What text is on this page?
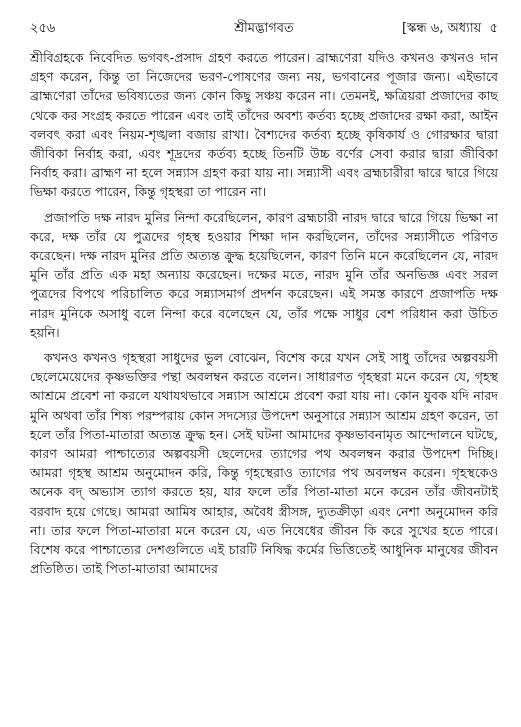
২৫৬	শ্রীমদ্ভাগবত	[স্কন্ধ ৬, অধ্যায়  ৫

শ্রীবিগ্রহকে নিবেদিত ভগবৎ-প্রসাদ গ্রহণ করতে পারেন। ব্রাহ্মণেরা যদিও কখনও কখনও দান গ্রহণ করেন, কিন্তু তা নিজেদের ভরণ-পোষণের জন্য নয়, ভগবানের পূজার জন্য। এইভাবে ব্রাহ্মণেরা তাঁদের ভবিষ্যতের জন্য কোন কিছু সঞ্চয় করেন না। তেমনই, ক্ষত্রিয়রা প্রজাদের কাছ থেকে কর সংগ্রহ করতে পারেন এবং তাই তাঁদের অবশ্য কর্তব্য হচ্ছে প্রজাদের রক্ষা করা, আইন বলবৎ করা এবং নিয়ম-শৃঙ্খলা বজায় রাখা। বৈশ্যদের কর্তব্য হচ্ছে কৃষিকার্য ও গোরক্ষার দ্বারা জীবিকা নির্বাহ করা, এবং শূদ্রদের কর্তব্য হচ্ছে তিনটি উচ্চ বর্ণের সেবা করার দ্বারা জীবিকা নির্বাহ করা। ব্রাহ্মণ না হলে সন্ন্যাস গ্রহণ করা যায় না। সন্ন্যাসী এবং ব্রহ্মচারীরা দ্বারে দ্বারে গিয়ে ভিক্ষা করতে পারেন, কিন্তু গৃহস্থরা তা পারেন না।

প্রজাপতি দক্ষ নারদ মুনির নিন্দা করেছিলেন, কারণ ব্রহ্মচারী নারদ দ্বারে দ্বারে গিয়ে ভিক্ষা না করে, দক্ষ তাঁর যে পুত্রদের গৃহস্থ হওয়ার শিক্ষা দান করছিলেন, তাঁদের সন্ন্যাসীতে পরিণত করেছেন। দক্ষ নারদ মুনির প্রতি অত্যন্ত ক্রুদ্ধ হয়েছিলেন, কারণ তিনি মনে করেছিলেন যে, নারদ মুনি তাঁর প্রতি এক মহা অন্যায় করেছেন। দক্ষের মতে, নারদ মুনি তাঁর অনভিজ্ঞ এবং সরল পুত্রদের বিপথে পরিচালিত করে সন্ন্যাসমার্গ প্রদর্শন করেছেন। এই সমস্ত কারণে প্রজাপতি দক্ষ নারদ মুনিকে অসাধু বলে নিন্দা করে বলেছেন যে, তাঁর পক্ষে সাধুর বেশ পরিধান করা উচিত হয়নি।

কখনও কখনও গৃহস্থরা সাধুদের ভুল বোঝেন, বিশেষ করে যখন সেই সাধু তাঁদের অল্পবয়সী ছেলেমেয়েদের কৃষ্ণভক্তির পন্থা অবলম্বন করতে বলেন। সাধারণত গৃহস্থরা মনে করেন যে, গৃহস্থ আশ্রমে প্রবেশ না করলে যথাযথভাবে সন্ন্যাস আশ্রমে প্রবেশ করা যায় না। কোন যুবক যদি নারদ মুনি অথবা তাঁর শিষ্য পরম্পরায় কোন সদস্যের উপদেশ অনুসারে সন্ন্যাস আশ্রম গ্রহণ করেন, তা হলে তাঁর পিতা-মাতারা অত্যন্ত ক্রুদ্ধ হন। সেই ঘটনা আমাদের কৃষ্ণভাবনামৃত আন্দোলনে ঘটছে, কারণ আমরা পাশ্চাত্যের অল্পবয়সী ছেলেদের ত্যাগের পথ অবলম্বন করার উপদেশ দিচ্ছি। আমরা গৃহস্থ আশ্রম অনুমোদন করি, কিন্তু গৃহস্থেরাও ত্যাগের পথ অবলম্বন করেন। গৃহস্থকেও অনেক বদ্‌ অভ্যাস ত্যাগ করতে হয়, যার ফলে তাঁর পিতা-মাতা মনে করেন তাঁর জীবনটাই বরবাদ হয়ে গেছে। আমরা আমিষ আহার, অবৈধ স্ত্রীসঙ্গ, দ্যুতক্রীড়া এবং নেশা অনুমোদন করি না। তার ফলে পিতা-মাতারা মনে করেন যে, এত নিষেধের জীবন কি করে সুখের হতে পারে। বিশেষ করে পাশ্চাত্যের দেশগুলিতে এই চারটি নিষিদ্ধ কর্মের ভিত্তিতেই আধুনিক মানুষের জীবন প্রতিষ্ঠিত। তাই পিতা-মাতারা আমাদের
